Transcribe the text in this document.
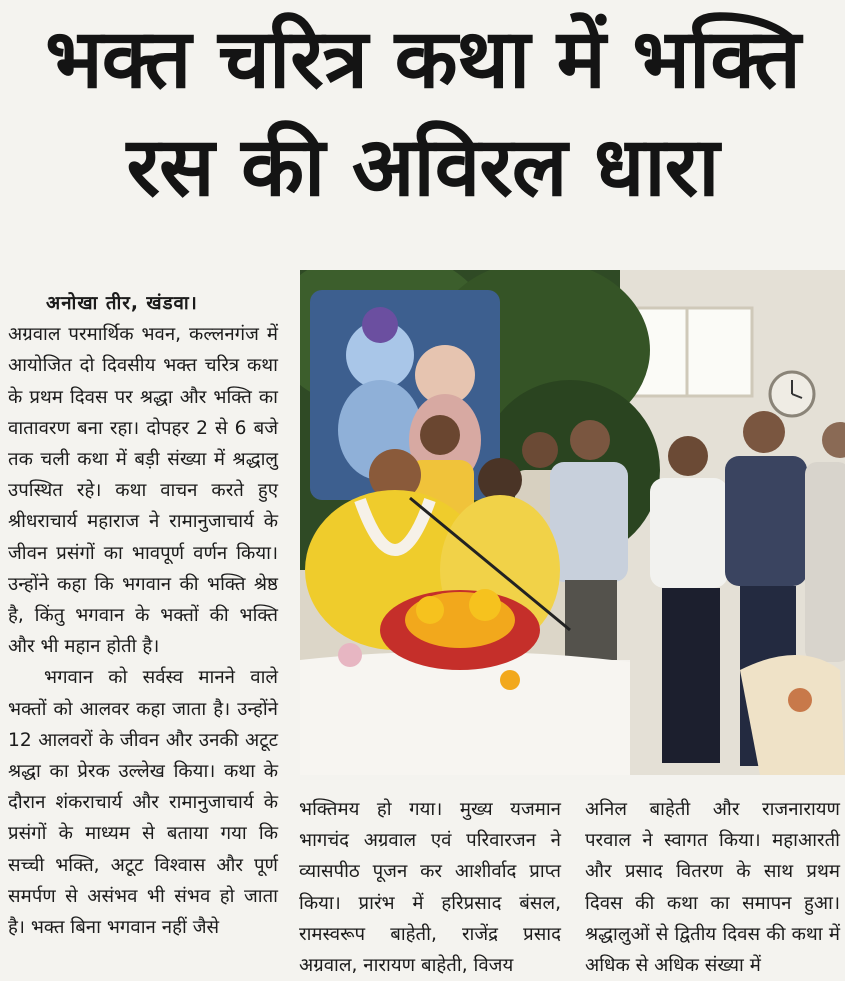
भक्त चरित्र कथा में भक्ति
रस की अविरल धारा
अनोखा तीर, खंडवा।

अग्रवाल परमार्थिक भवन, कल्लनगंज में आयोजित दो दिवसीय भक्त चरित्र कथा के प्रथम दिवस पर श्रद्धा और भक्ति का वातावरण बना रहा। दोपहर 2 से 6 बजे तक चली कथा में बड़ी संख्या में श्रद्धालु उपस्थित रहे। कथा वाचन करते हुए श्रीधराचार्य महाराज ने रामानुजाचार्य के जीवन प्रसंगों का भावपूर्ण वर्णन किया। उन्होंने कहा कि भगवान की भक्ति श्रेष्ठ है, किंतु भगवान के भक्तों की भक्ति और भी महान होती है।

भगवान को सर्वस्व मानने वाले भक्तों को आलवर कहा जाता है। उन्होंने 12 आलवरों के जीवन और उनकी अटूट श्रद्धा का प्रेरक उल्लेख किया। कथा के दौरान शंकराचार्य और रामानुजाचार्य के प्रसंगों के माध्यम से बताया गया कि सच्ची भक्ति, अटूट विश्वास और पूर्ण समर्पण से असंभव भी संभव हो जाता है। भक्त बिना भगवान नहीं जैसे

भक्तिमय हो गया। मुख्य यजमान भागचंद अग्रवाल एवं परिवारजन ने व्यासपीठ पूजन कर आशीर्वाद प्राप्त किया। प्रारंभ में हरिप्रसाद बंसल, रामस्वरूप बाहेती, राजेंद्र प्रसाद अग्रवाल, नारायण बाहेती, विजय

अनिल बाहेती और राजनारायण परवाल ने स्वागत किया। महाआरती और प्रसाद वितरण के साथ प्रथम दिवस की कथा का समापन हुआ। श्रद्धालुओं से द्वितीय दिवस की कथा में अधिक से अधिक संख्या में
